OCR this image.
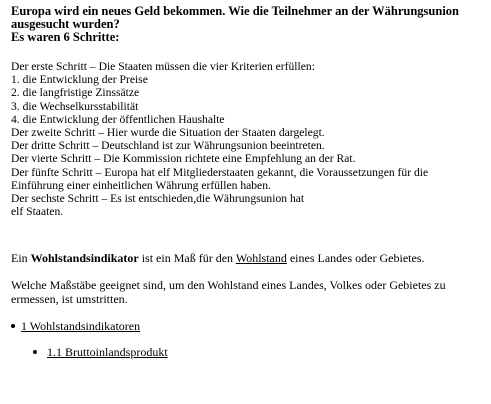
Europa wird ein neues Geld bekommen. Wie die Teilnehmer an der Währungsunion
ausgesucht wurden?
Es waren 6 Schritte:

Der erste Schritt – Die Staaten müssen die vier Kriterien erfüllen:
1. die Entwicklung der Preise
2. die langfristige Zinssätze
3. die Wechselkursstabilität
4. die Entwicklung der öffentlichen Haushalte
Der zweite Schritt – Hier wurde die Situation der Staaten dargelegt.
Der dritte Schritt – Deutschland ist zur Währungsunion beeintreten.
Der vierte Schritt – Die Kommission richtete eine Empfehlung an der Rat.
Der fünfte Schritt – Europa hat elf Mitgliederstaaten gekannt, die Voraussetzungen für die
Einführung einer einheitlichen Währung erfüllen haben.
Der sechste Schritt – Es ist entschieden,die Währungsunion hat
elf Staaten.

Ein Wohlstandsindikator ist ein Maß für den Wohlstand eines Landes oder Gebietes.

Welche Maßstäbe geeignet sind, um den Wohlstand eines Landes, Volkes oder Gebietes zu ermessen, ist umstritten.

1 Wohlstandsindikatoren
1.1 Bruttoinlandsprodukt
